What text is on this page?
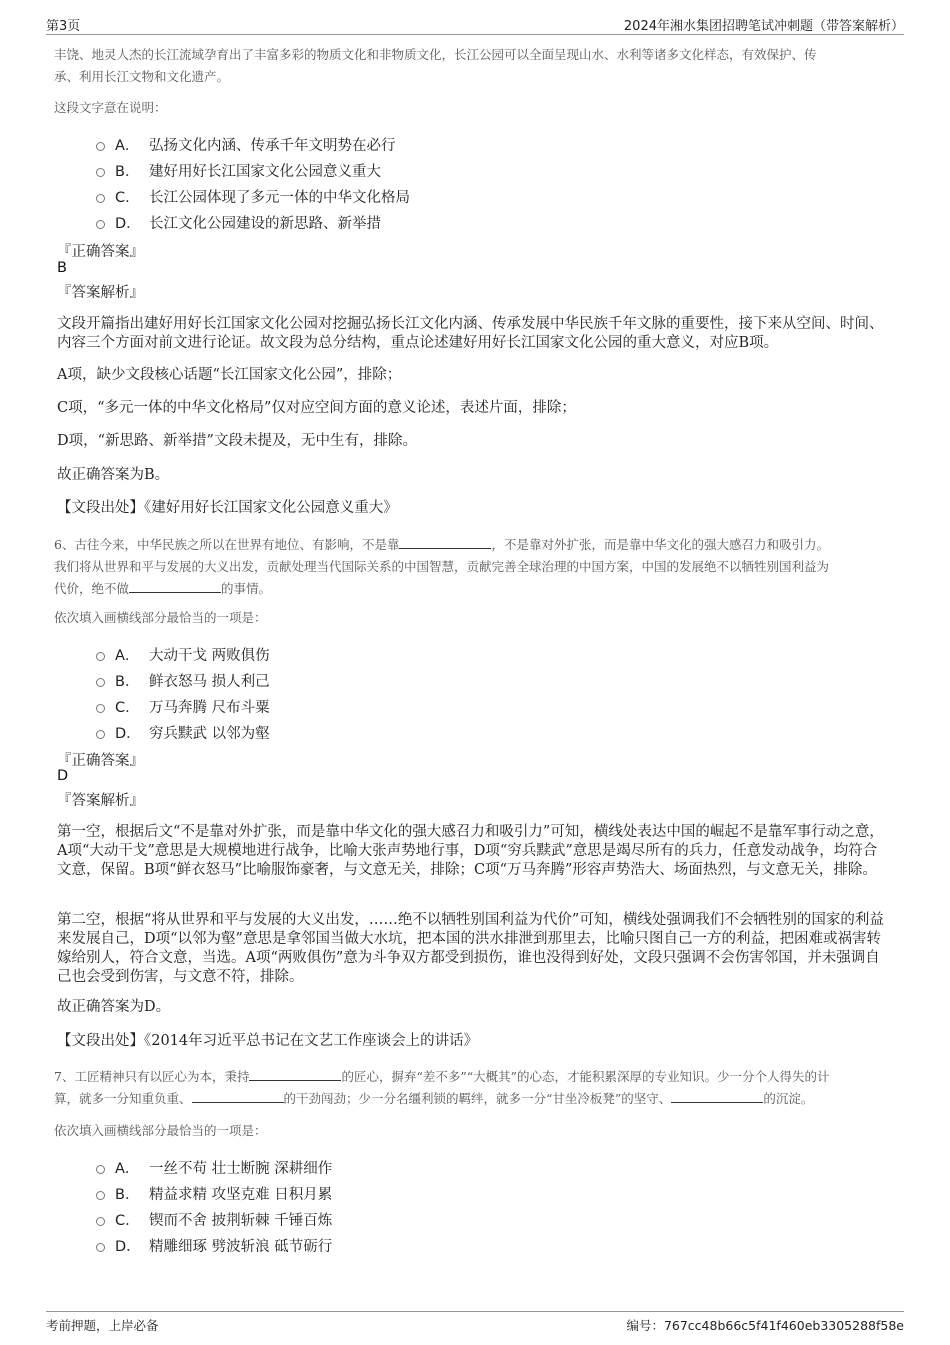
第3页	2024年湘水集团招聘笔试冲刺题（带答案解析）
丰饶、地灵人杰的长江流域孕育出了丰富多彩的物质文化和非物质文化，长江公园可以全面呈现山水、水利等诸多文化样态，有效保护、传
承、利用长江文物和文化遗产。
这段文字意在说明：
A． 弘扬文化内涵、传承千年文明势在必行
B． 建好用好长江国家文化公园意义重大
C． 长江公园体现了多元一体的中华文化格局
D． 长江文化公园建设的新思路、新举措
『正确答案』
B
『答案解析』
文段开篇指出建好用好长江国家文化公园对挖掘弘扬长江文化内涵、传承发展中华民族千年文脉的重要性，接下来从空间、时间、内容三个方面对前文进行论证。故文段为总分结构，重点论述建好用好长江国家文化公园的重大意义，对应B项。
A项，缺少文段核心话题“长江国家文化公园”，排除；
C项，“多元一体的中华文化格局”仅对应空间方面的意义论述，表述片面，排除；
D项，“新思路、新举措”文段未提及，无中生有，排除。
故正确答案为B。
【文段出处】《建好用好长江国家文化公园意义重大》
6、古往今来，中华民族之所以在世界有地位、有影响，不是靠	，不是靠对外扩张，而是靠中华文化的强大感召力和吸引力。
我们将从世界和平与发展的大义出发，贡献处理当代国际关系的中国智慧，贡献完善全球治理的中国方案，中国的发展绝不以牺牲别国利益为
代价，绝不做	的事情。
依次填入画横线部分最恰当的一项是：
A． 大动干戈 两败俱伤
B． 鲜衣怒马 损人利己
C． 万马奔腾 尺布斗粟
D． 穷兵黩武 以邻为壑
『正确答案』
D
『答案解析』
第一空，根据后文“不是靠对外扩张，而是靠中华文化的强大感召力和吸引力”可知，横线处表达中国的崛起不是靠军事行动之意，A项“大动干戈”意思是大规模地进行战争，比喻大张声势地行事，D项“穷兵黩武”意思是竭尽所有的兵力，任意发动战争，均符合文意，保留。B项“鲜衣怒马”比喻服饰豪奢，与文意无关，排除；C项“万马奔腾”形容声势浩大、场面热烈，与文意无关，排除。
第二空，根据“将从世界和平与发展的大义出发，……绝不以牺牲别国利益为代价”可知，横线处强调我们不会牺牲别的国家的利益来发展自己，D项“以邻为壑”意思是拿邻国当做大水坑，把本国的洪水排泄到那里去，比喻只图自己一方的利益，把困难或祸害转嫁给别人，符合文意，当选。A项“两败俱伤”意为斗争双方都受到损伤，谁也没得到好处，文段只强调不会伤害邻国，并未强调自己也会受到伤害，与文意不符，排除。
故正确答案为D。
【文段出处】《2014年习近平总书记在文艺工作座谈会上的讲话》
7、工匠精神只有以匠心为本，秉持	的匠心，摒弃“差不多”“大概其”的心态，才能积累深厚的专业知识。少一分个人得失的计
算，就多一分知重负重、	的干劲闯劲；少一分名缰利锁的羁绊，就多一分“甘坐冷板凳”的坚守、	的沉淀。
依次填入画横线部分最恰当的一项是：
A． 一丝不苟 壮士断腕 深耕细作
B． 精益求精 攻坚克难 日积月累
C． 锲而不舍 披荆斩棘 千锤百炼
D． 精雕细琢 劈波斩浪 砥节砺行
考前押题，上岸必备	编号：767cc48b66c5f41f460eb3305288f58e
